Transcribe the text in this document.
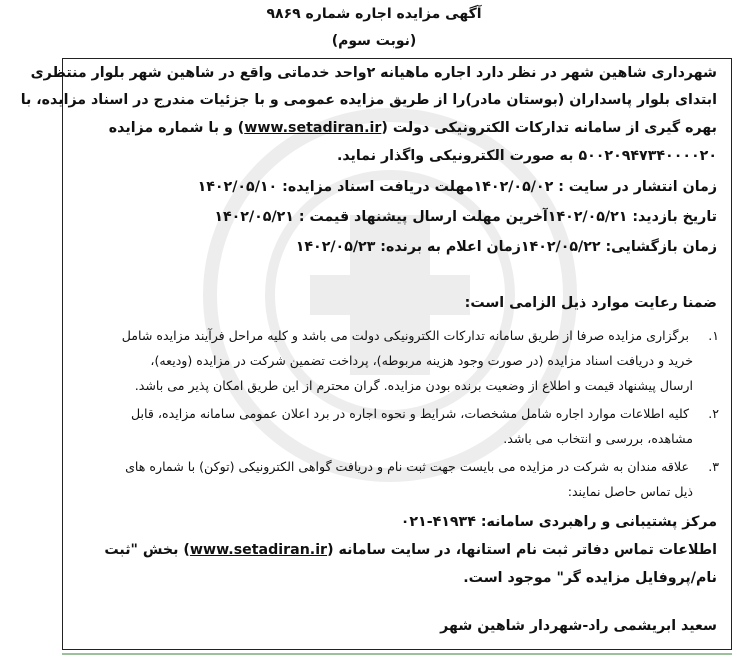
آگهی مزایده اجاره شماره ۹۸۶۹
(نوبت سوم)
شهرداری شاهین شهر در نظر دارد اجاره ماهیانه ۲واحد خدماتی واقع در شاهین شهر بلوار منتظری
ابتدای بلوار پاسداران (بوستان مادر)را از طریق مزایده عمومی و با جزئیات مندرج در اسناد مزایده، با
بهره گیری از سامانه تدارکات الکترونیکی دولت (www.setadiran.ir) و با شماره مزایده
۵۰۰۲۰۹۴۷۳۴۰۰۰۰۲۰ به صورت الکترونیکی واگذار نماید.
زمان انتشار در سایت : ۱۴۰۲/۰۵/۰۲مهلت دریافت اسناد مزایده: ۱۴۰۲/۰۵/۱۰
تاریخ بازدید: ۱۴۰۲/۰۵/۲۱آخرین مهلت ارسال پیشنهاد قیمت : ۱۴۰۲/۰۵/۲۱
زمان بازگشایی: ۱۴۰۲/۰۵/۲۲زمان اعلام به برنده: ۱۴۰۲/۰۵/۲۳
ضمنا رعایت موارد ذیل الزامی است:
۱. برگزاری مزایده صرفا از طریق سامانه تدارکات الکترونیکی دولت می باشد و کلیه مراحل فرآیند مزایده شامل
خرید و دریافت اسناد مزایده (در صورت وجود هزینه مربوطه)، پرداخت تضمین شرکت در مزایده (ودیعه)،
ارسال پیشنهاد قیمت و اطلاع از وضعیت برنده بودن مزایده. گران محترم از این طریق امکان پذیر می باشد.
۲. کلیه اطلاعات موارد اجاره شامل مشخصات، شرایط و نحوه اجاره در برد اعلان عمومی سامانه مزایده، قابل
مشاهده، بررسی و انتخاب می باشد.
۳. علاقه مندان به شرکت در مزایده می بایست جهت ثبت نام و دریافت گواهی الکترونیکی (توکن) با شماره های
ذیل تماس حاصل نمایند:
مرکز پشتیبانی و راهبردی سامانه: ۴۱۹۳۴-۰۲۱
اطلاعات تماس دفاتر ثبت نام استانها، در سایت سامانه (www.setadiran.ir) بخش "ثبت
نام/پروفایل مزایده گر" موجود است.
سعید ابریشمی راد-شهردار شاهین شهر
